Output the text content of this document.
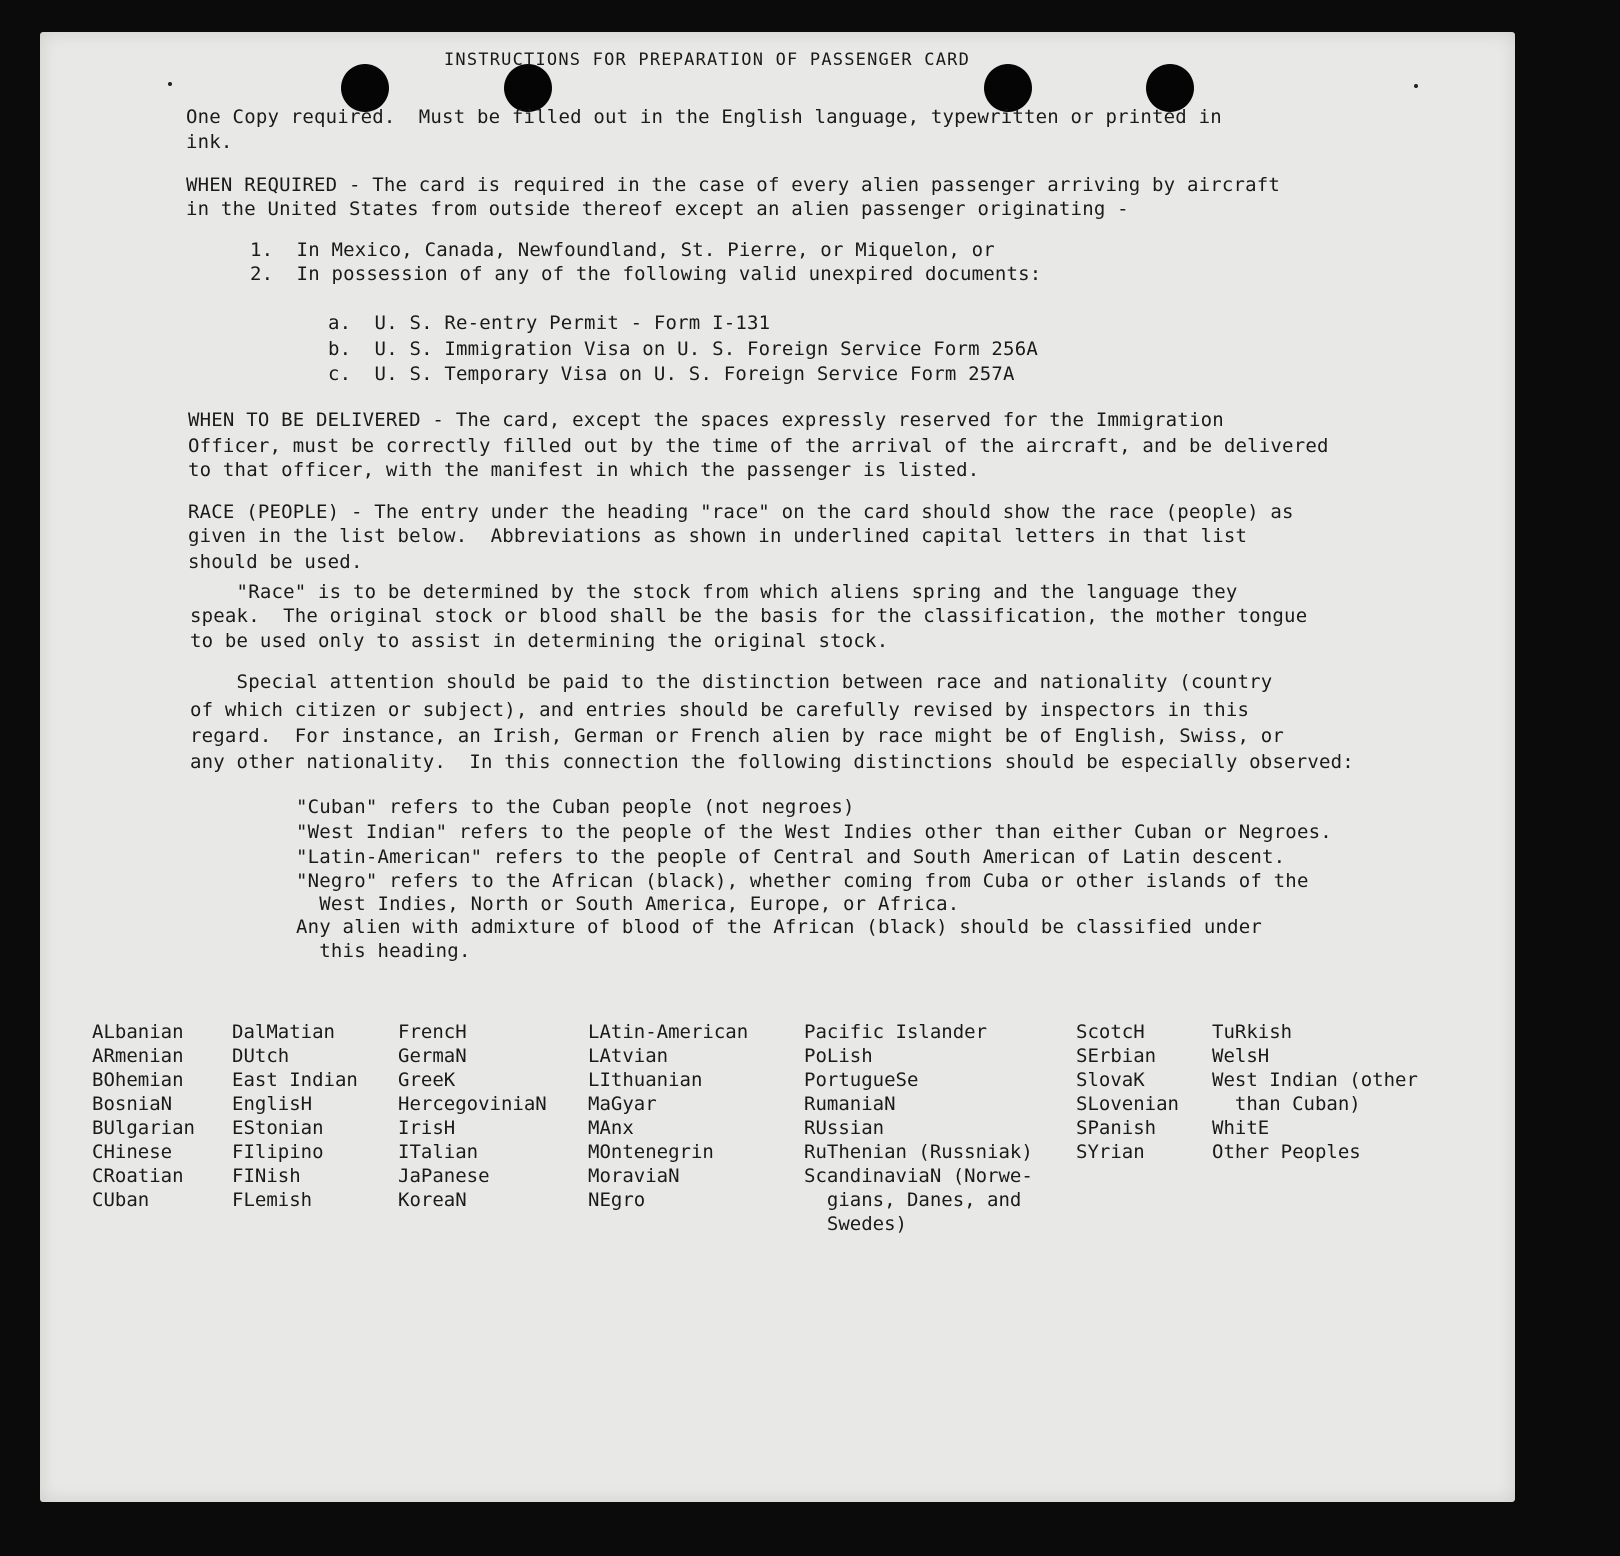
INSTRUCTIONS FOR PREPARATION OF PASSENGER CARD

One Copy required.  Must be filled out in the English language, typewritten or printed in

ink.

WHEN REQUIRED - The card is required in the case of every alien passenger arriving by aircraft

in the United States from outside thereof except an alien passenger originating -

1.  In Mexico, Canada, Newfoundland, St. Pierre, or Miquelon, or

2.  In possession of any of the following valid unexpired documents:

a.  U. S. Re-entry Permit - Form I-131

b.  U. S. Immigration Visa on U. S. Foreign Service Form 256A

c.  U. S. Temporary Visa on U. S. Foreign Service Form 257A

WHEN TO BE DELIVERED - The card, except the spaces expressly reserved for the Immigration

Officer, must be correctly filled out by the time of the arrival of the aircraft, and be delivered

to that officer, with the manifest in which the passenger is listed.

RACE (PEOPLE) - The entry under the heading "race" on the card should show the race (people) as

given in the list below.  Abbreviations as shown in underlined capital letters in that list

should be used.

"Race" is to be determined by the stock from which aliens spring and the language they

speak.  The original stock or blood shall be the basis for the classification, the mother tongue

to be used only to assist in determining the original stock.

Special attention should be paid to the distinction between race and nationality (country

of which citizen or subject), and entries should be carefully revised by inspectors in this

regard.  For instance, an Irish, German or French alien by race might be of English, Swiss, or

any other nationality.  In this connection the following distinctions should be especially observed:

"Cuban" refers to the Cuban people (not negroes)

"West Indian" refers to the people of the West Indies other than either Cuban or Negroes.

"Latin-American" refers to the people of Central and South American of Latin descent.

"Negro" refers to the African (black), whether coming from Cuba or other islands of the

West Indies, North or South America, Europe, or Africa.

Any alien with admixture of blood of the African (black) should be classified under

this heading.

ALbanian
ARmenian
BOhemian
BosniaN
BUlgarian
CHinese
CRoatian
CUban
DalMatian
DUtch
East Indian
EnglisH
EStonian
FIlipino
FINish
FLemish
FrencH
GermaN
GreeK
HercegoviniaN
IrisH
ITalian
JaPanese
KoreaN
LAtin-American
LAtvian
LIthuanian
MaGyar
MAnx
MOntenegrin
MoraviaN
NEgro
Pacific Islander
PoLish
PortugueSe
RumaniaN
RUssian
RuThenian (Russniak)
ScandinaviaN (Norwe-
gians, Danes, and
Swedes)
ScotcH
SErbian
SlovaK
SLovenian
SPanish
SYrian
TuRkish
WelsH
West Indian (other
than Cuban)
WhitE
Other Peoples
